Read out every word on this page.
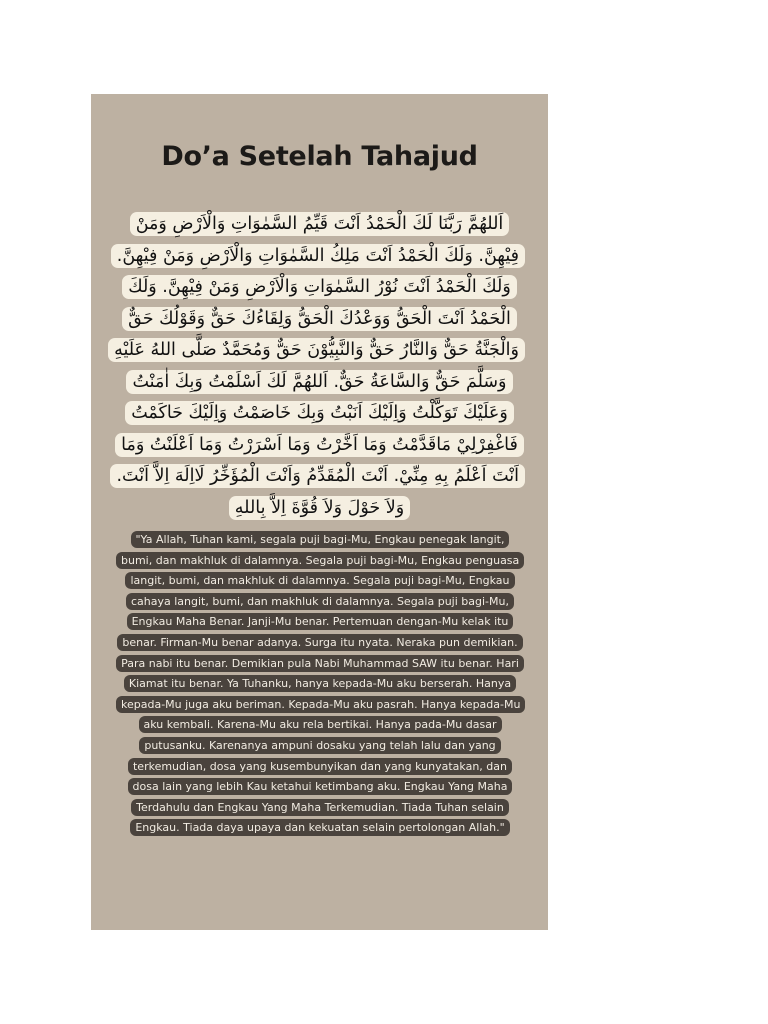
Do’a Setelah Tahajud

اَللهُمَّ رَبَّنَا لَكَ الْحَمْدُ اَنْتَ قَيِّمُ السَّمٰوَاتِ وَالْاَرْضِ وَمَنْ فِيْهِنَّ. وَلَكَ الْحَمْدُ اَنْتَ مَلِكُ السَّمٰوَاتِ وَالْاَرْضِ وَمَنْ فِيْهِنَّ. وَلَكَ الْحَمْدُ اَنْتَ نُوْرُ السَّمٰوَاتِ وَالْاَرْضِ وَمَنْ فِيْهِنَّ. وَلَكَ الْحَمْدُ اَنْتَ الْحَقُّ وَوَعْدُكَ الْحَقُّ وَلِقَاءُكَ حَقٌّ وَقَوْلُكَ حَقٌّ وَالْجَنَّةُ حَقٌّ وَالنَّارُ حَقٌّ وَالنَّبِيُّوْنَ حَقٌّ وَمُحَمَّدٌ صَلَّى اللهُ عَلَيْهِ وَسَلَّمَ حَقٌّ وَالسَّاعَةُ حَقٌّ. اَللهُمَّ لَكَ اَسْلَمْتُ وَبِكَ اٰمَنْتُ وَعَلَيْكَ تَوَكَّلْتُ وَاِلَيْكَ اَنَبْتُ وَبِكَ خَاصَمْتُ وَاِلَيْكَ حَاكَمْتُ فَاغْفِرْلِيْ مَاقَدَّمْتُ وَمَا اَخَّرْتُ وَمَا اَسْرَرْتُ وَمَا اَعْلَنْتُ وَمَا اَنْتَ اَعْلَمُ بِهِ مِنِّيْ. اَنْتَ الْمُقَدِّمُ وَاَنْتَ الْمُؤَخِّرُ لَااِلَهَ اِلاَّ اَنْتَ. وَلاَ حَوْلَ وَلاَ قُوَّةَ اِلاَّ بِاللهِ

"Ya Allah, Tuhan kami, segala puji bagi-Mu, Engkau penegak langit, bumi, dan makhluk di dalamnya. Segala puji bagi-Mu, Engkau penguasa langit, bumi, dan makhluk di dalamnya. Segala puji bagi-Mu, Engkau cahaya langit, bumi, dan makhluk di dalamnya. Segala puji bagi-Mu, Engkau Maha Benar. Janji-Mu benar. Pertemuan dengan-Mu kelak itu benar. Firman-Mu benar adanya. Surga itu nyata. Neraka pun demikian. Para nabi itu benar. Demikian pula Nabi Muhammad SAW itu benar. Hari Kiamat itu benar. Ya Tuhanku, hanya kepada-Mu aku berserah. Hanya kepada-Mu juga aku beriman. Kepada-Mu aku pasrah. Hanya kepada-Mu aku kembali. Karena-Mu aku rela bertikai. Hanya pada-Mu dasar putusanku. Karenanya ampuni dosaku yang telah lalu dan yang terkemudian, dosa yang kusembunyikan dan yang kunyatakan, dan dosa lain yang lebih Kau ketahui ketimbang aku. Engkau Yang Maha Terdahulu dan Engkau Yang Maha Terkemudian. Tiada Tuhan selain Engkau. Tiada daya upaya dan kekuatan selain pertolongan Allah."
